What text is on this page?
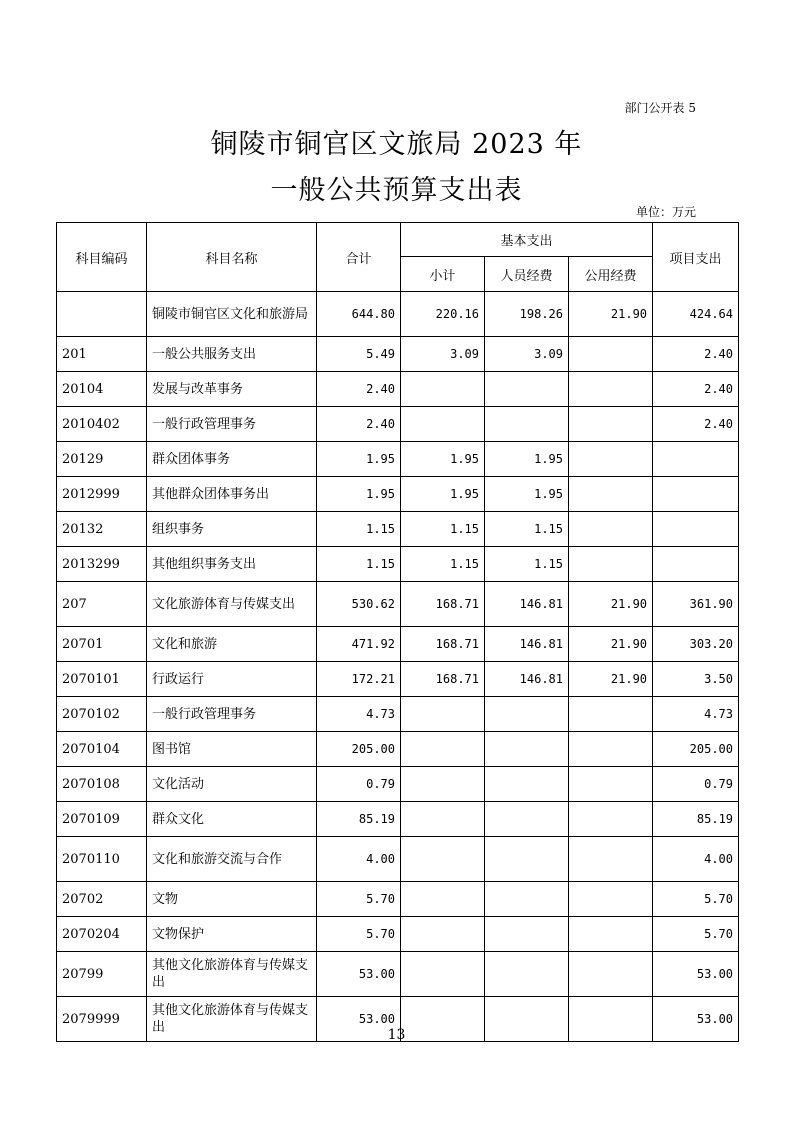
部门公开表 5
铜陵市铜官区文旅局 2023 年
一般公共预算支出表
单位：万元
科目编码	科目名称	合计	基本支出			项目支出
			小计	人员经费	公用经费	
	铜陵市铜官区文化和旅游局	644.80	220.16	198.26	21.90	424.64
201	一般公共服务支出	5.49	3.09	3.09		2.40
20104	发展与改革事务	2.40				2.40
2010402	一般行政管理事务	2.40				2.40
20129	群众团体事务	1.95	1.95	1.95		
2012999	其他群众团体事务出	1.95	1.95	1.95		
20132	组织事务	1.15	1.15	1.15		
2013299	其他组织事务支出	1.15	1.15	1.15		
207	文化旅游体育与传媒支出	530.62	168.71	146.81	21.90	361.90
20701	文化和旅游	471.92	168.71	146.81	21.90	303.20
2070101	行政运行	172.21	168.71	146.81	21.90	3.50
2070102	一般行政管理事务	4.73				4.73
2070104	图书馆	205.00				205.00
2070108	文化活动	0.79				0.79
2070109	群众文化	85.19				85.19
2070110	文化和旅游交流与合作	4.00				4.00
20702	文物	5.70				5.70
2070204	文物保护	5.70				5.70
20799	其他文化旅游体育与传媒支出	53.00				53.00
2079999	其他文化旅游体育与传媒支出	53.00				53.00
13
